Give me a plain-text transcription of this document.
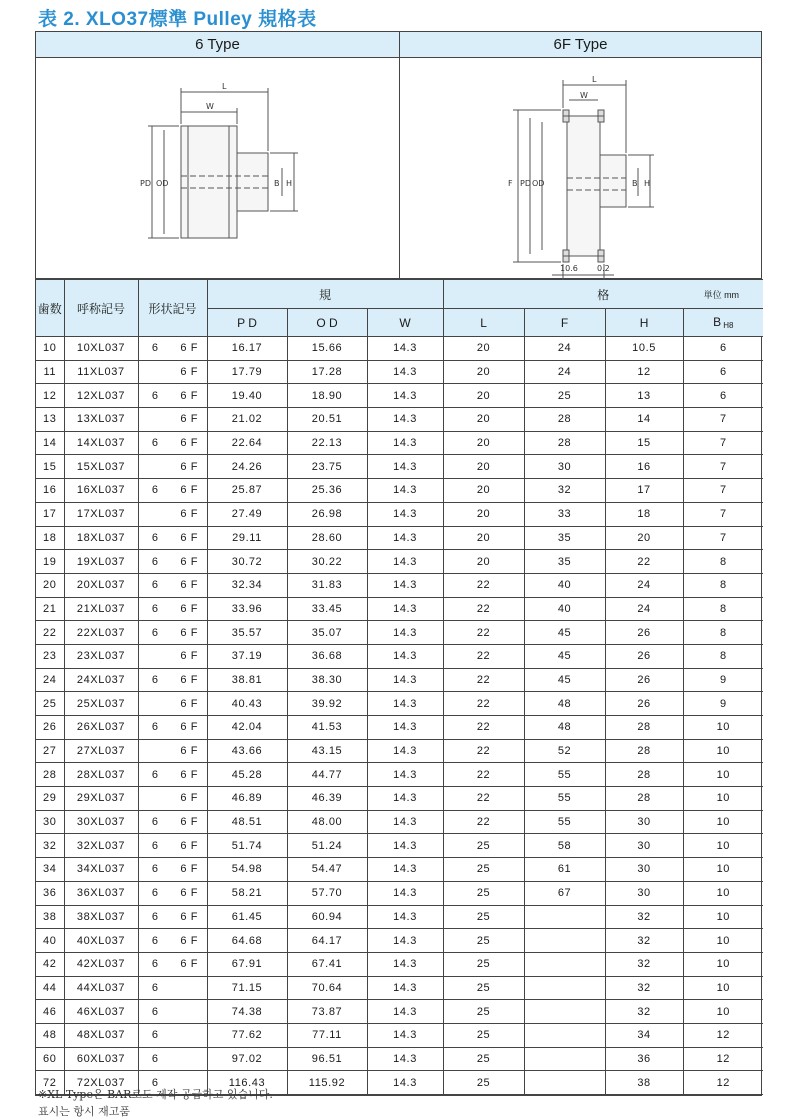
表 2. XLO37標準 Pulley 規格表
6 Type
L
W
PD OD	B H
6F Type
L
W
F PD OD	B H
10.6 0.2
歯数	呼称記号	形状記号		規			格 単位 mm			

				P D	O D	W	L	F	H	B $_{H8}$
10	10XL037	6	6 F	16.17	15.66	14.3	20	24	10.5	6
11	11XL037		6 F	17.79	17.28	14.3	20	24	12	6
12	12XL037	6	6 F	19.40	18.90	14.3	20	25	13	6
13	13XL037		6 F	21.02	20.51	14.3	20	28	14	7
14	14XL037	6	6 F	22.64	22.13	14.3	20	28	15	7
15	15XL037		6 F	24.26	23.75	14.3	20	30	16	7
16	16XL037	6	6 F	25.87	25.36	14.3	20	32	17	7
17	17XL037		6 F	27.49	26.98	14.3	20	33	18	7
18	18XL037	6	6 F	29.11	28.60	14.3	20	35	20	7
19	19XL037	6	6 F	30.72	30.22	14.3	20	35	22	8
20	20XL037	6	6 F	32.34	31.83	14.3	22	40	24	8
21	21XL037	6	6 F	33.96	33.45	14.3	22	40	24	8
22	22XL037	6	6 F	35.57	35.07	14.3	22	45	26	8
23	23XL037		6 F	37.19	36.68	14.3	22	45	26	8
24	24XL037	6	6 F	38.81	38.30	14.3	22	45	26	9
25	25XL037		6 F	40.43	39.92	14.3	22	48	26	9
26	26XL037	6	6 F	42.04	41.53	14.3	22	48	28	10
27	27XL037		6 F	43.66	43.15	14.3	22	52	28	10
28	28XL037	6	6 F	45.28	44.77	14.3	22	55	28	10
29	29XL037		6 F	46.89	46.39	14.3	22	55	28	10
30	30XL037	6	6 F	48.51	48.00	14.3	22	55	30	10
32	32XL037	6	6 F	51.74	51.24	14.3	25	58	30	10
34	34XL037	6	6 F	54.98	54.47	14.3	25	61	30	10
36	36XL037	6	6 F	58.21	57.70	14.3	25	67	30	10
38	38XL037	6	6 F	61.45	60.94	14.3	25		32	10
40	40XL037	6	6 F	64.68	64.17	14.3	25		32	10
42	42XL037	6	6 F	67.91	67.41	14.3	25		32	10
44	44XL037	6		71.15	70.64	14.3	25		32	10
46	46XL037	6		74.38	73.87	14.3	25		32	10
48	48XL037	6		77.62	77.11	14.3	25		34	12
60	60XL037	6		97.02	96.51	14.3	25		36	12
72	72XL037	6		116.43	115.92	14.3	25		38	12
※XL Type은 BAR로도 제작 공급하고 있습니다.
표시는 항시 재고품
